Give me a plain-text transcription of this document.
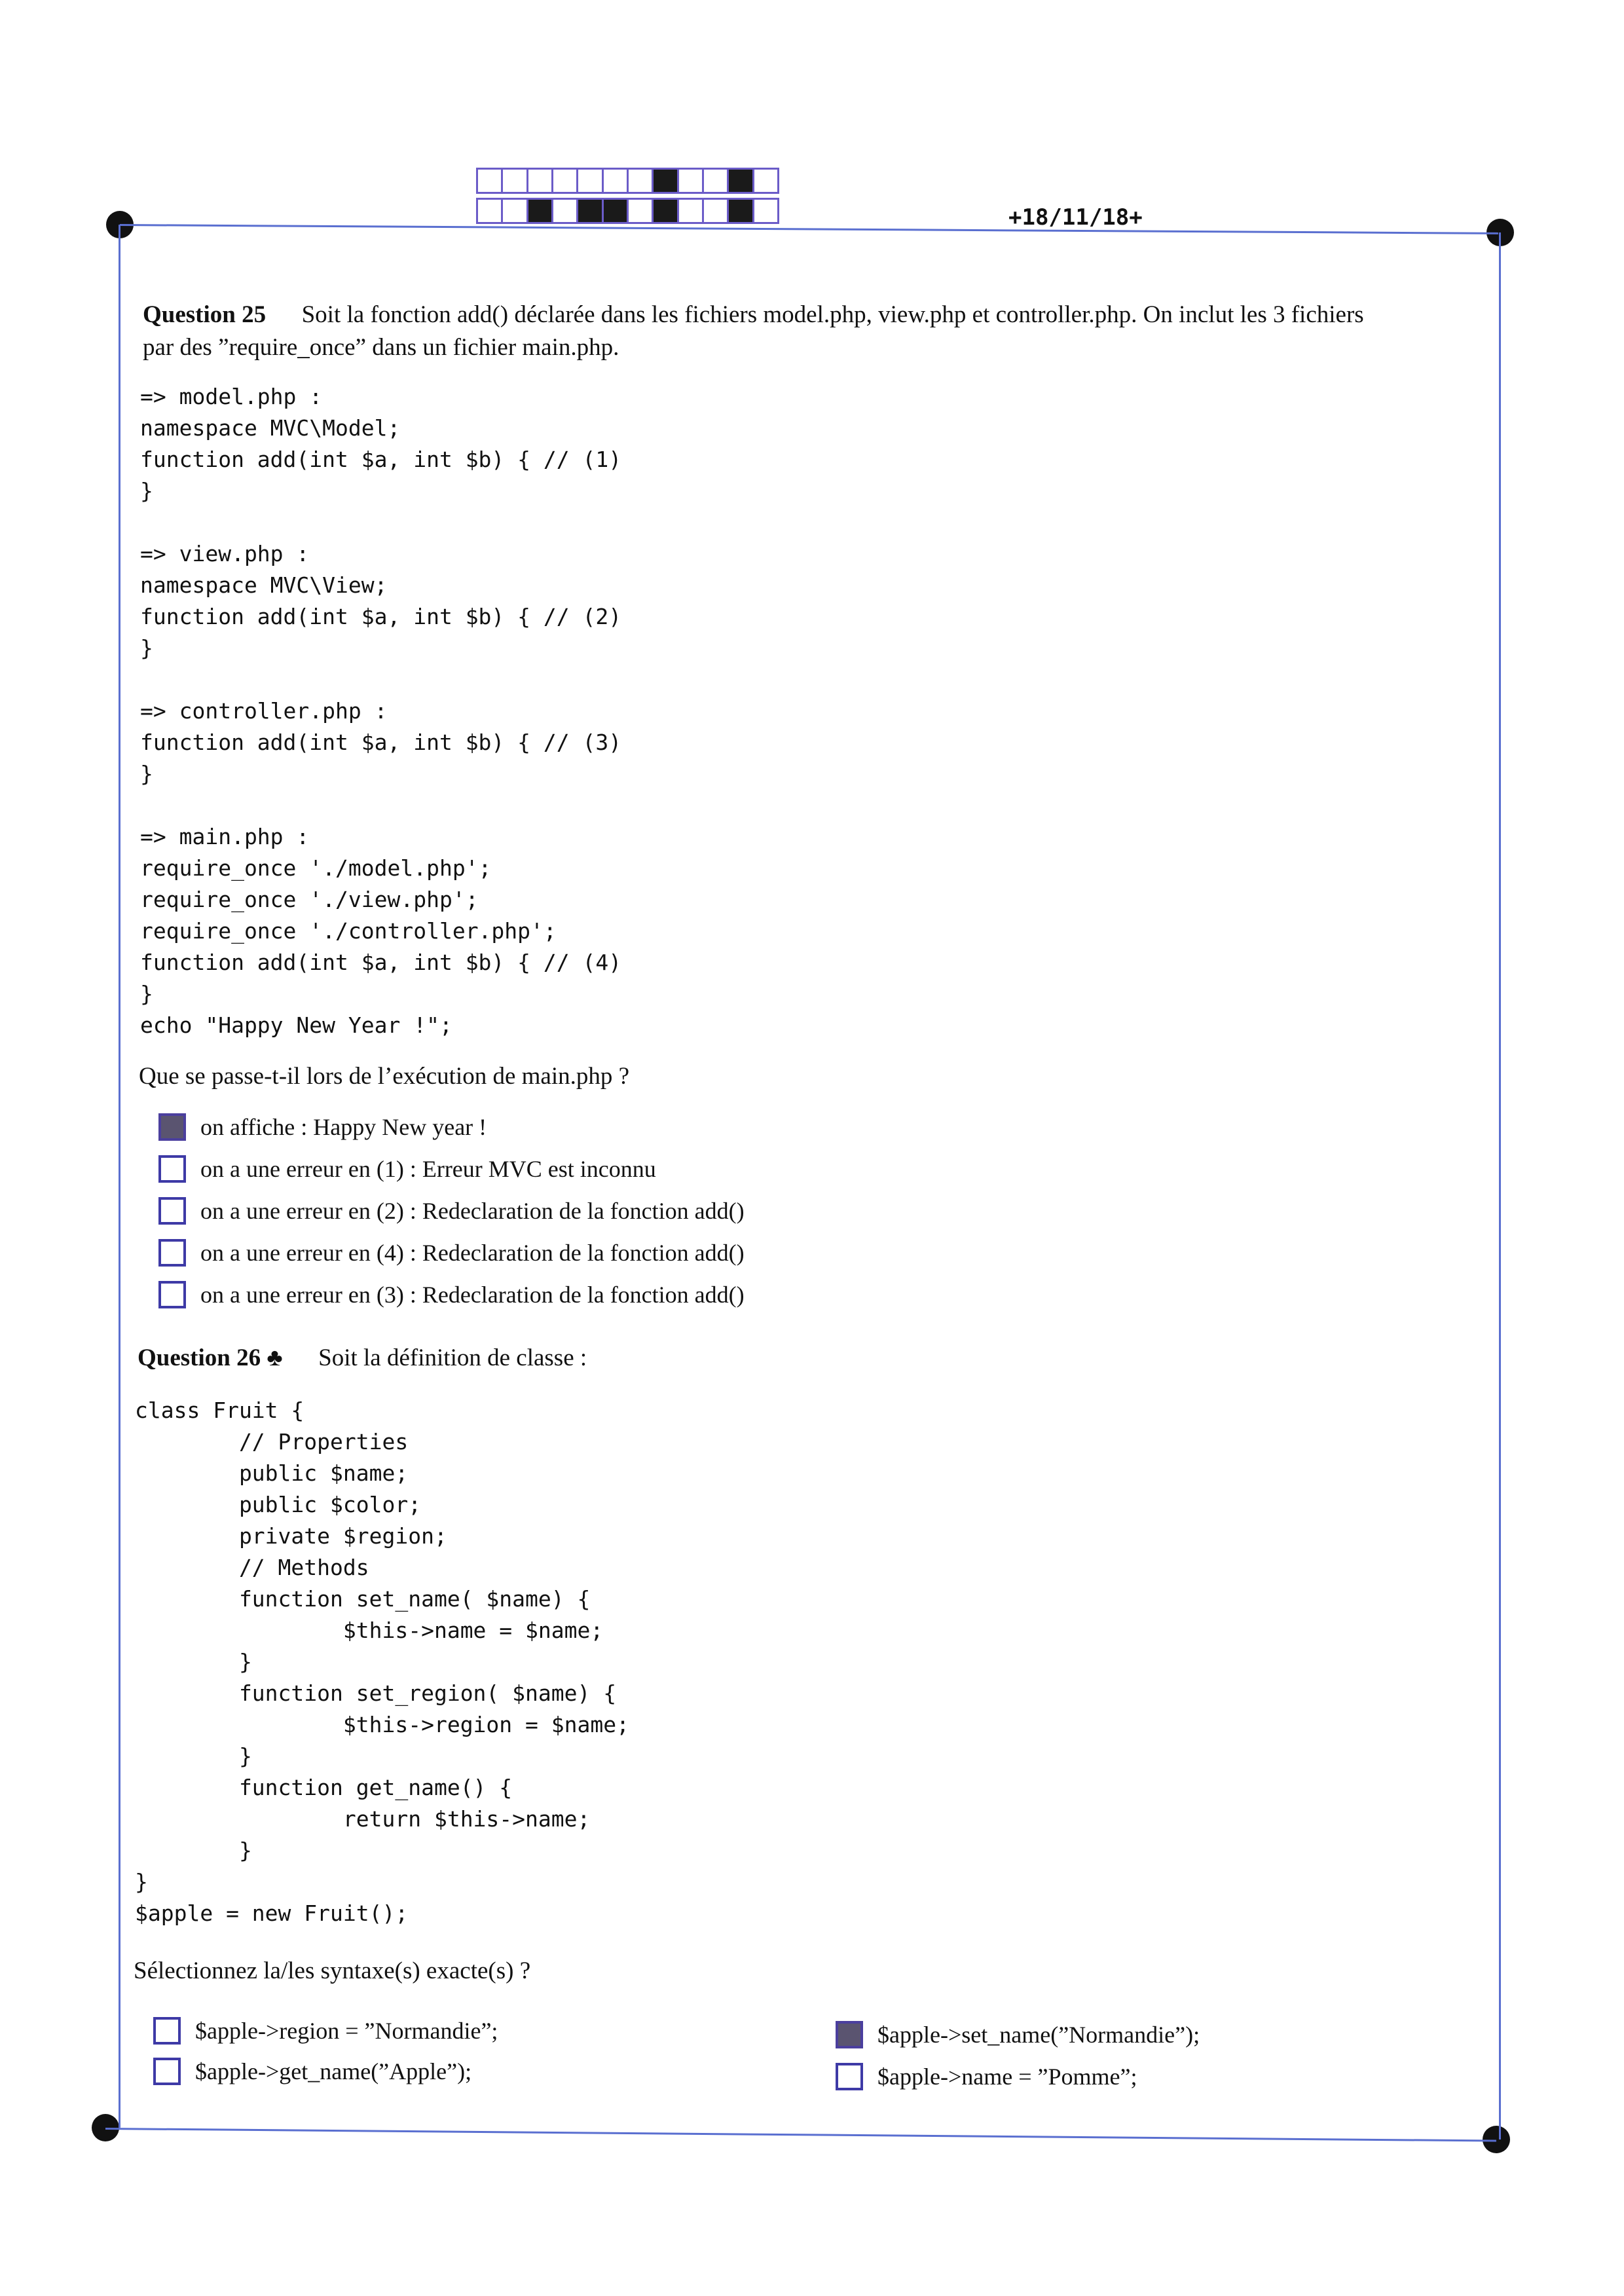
+18/11/18+
Question 25 Soit la fonction add() déclarée dans les fichiers model.php, view.php et controller.php. On inclut les 3 fichiers
par des ”require_once” dans un fichier main.php.
=> model.php :
namespace MVC\Model;
function add(int $a, int $b) { // (1)
}

=> view.php :
namespace MVC\View;
function add(int $a, int $b) { // (2)
}

=> controller.php :
function add(int $a, int $b) { // (3)
}

=> main.php :
require_once './model.php';
require_once './view.php';
require_once './controller.php';
function add(int $a, int $b) { // (4)
}
echo "Happy New Year !";
Que se passe-t-il lors de l’exécution de main.php ?
on affiche : Happy New year !
on a une erreur en (1) : Erreur MVC est inconnu
on a une erreur en (2) : Redeclaration de la fonction add()
on a une erreur en (4) : Redeclaration de la fonction add()
on a une erreur en (3) : Redeclaration de la fonction add()
Question 26 ♣ Soit la définition de classe :
class Fruit {
// Properties
public $name;
public $color;
private $region;
// Methods
function set_name( $name) {
$this->name = $name;
}
function set_region( $name) {
$this->region = $name;
}
function get_name() {
return $this->name;
}
}
$apple = new Fruit();
Sélectionnez la/les syntaxe(s) exacte(s) ?
$apple->region = ”Normandie”;
$apple->get_name(”Apple”);
$apple->set_name(”Normandie”);
$apple->name = ”Pomme”;
